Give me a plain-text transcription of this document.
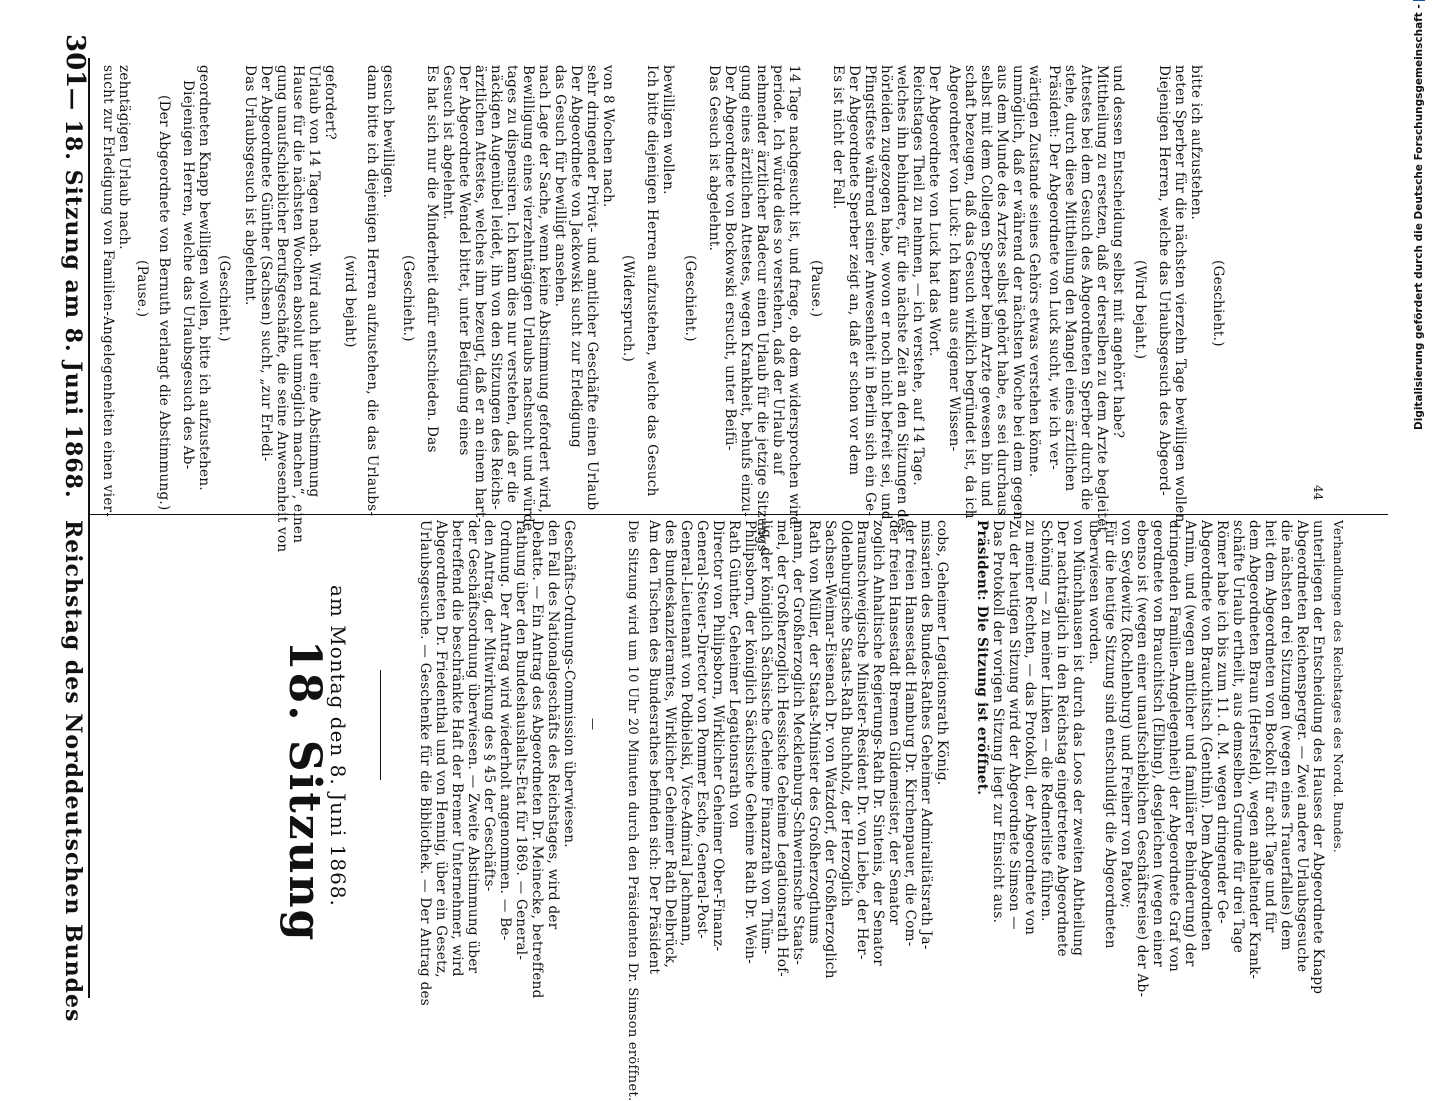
Reichstag des Norddeutschen Bundes
— 18. Sitzung am 8. Juni 1868.
301
18. Sitzung
am Montag den 8. Juni 1868.	Urlaubsgesuche. — Geschenke für die Bibliothek. — Der Antrag des Abgeordneten Dr. Friedenthal und von Hennig, über ein Gesetz, betreffend die beschränkte Haft der Bremer Unternehmer, wird der Geschäftsordnung überwiesen. — Zweite Abstimmung über den Antrag, der Mitwirkung des § 45 der Geschäfts- Ordnung. Der Antrag wird wiederholt angenommen. — Be- rathung über den Bundeshaushalts-Etat für 1869. — General- Debatte. — Ein Antrag des Abgeordneten Dr. Meinecke, betreffend den Fall des Nationalgeschäfts des Reichstages, wird der Geschäfts-Ordnungs-Commission überwiesen. — Die Sitzung wird um 10 Uhr 20 Minuten durch den Präsidenten Dr. Simson eröffnet. Am den Tischen des Bundesrathes befinden sich: Der Präsident des Bundeskanzleramtes, Wirklicher Geheimer Rath Delbrück, General-Lieutenant von Podbielski, Vice-Admiral Jachmann, General-Steuer-Director von Pommer Esche, General-Post- Director von Philipsborn, Wirklicher Geheimer Ober-Finanz- Rath Günther, Geheimer Legationsrath von Philipsborn, der königlich Sächsische Geheime Rath Dr. Wein- lig, der königlich Sächsische Geheime Finanzrath von Thüm- mel, der Großherzoglich Hessische Geheime Legationsrath Hof- mann, der Großherzoglich Mecklenburg-Schwerinsche Staats- Rath von Müller, der Staats-Minister des Großherzogthums Sachsen-Weimar-Eisenach Dr. von Watzdorf, der Großherzoglich Oldenburgische Staats-Rath Buchholz, der Herzoglich Braunschweigische Minister-Resident Dr. von Liebe, der Her- zoglich Anhaltische Regierungs-Rath Dr. Sintenis, der Senator der freien Hansestadt Bremen Gildemeister, der Senator der freien Hansestadt Hamburg Dr. Kirchenpauer, die Com- missarien des Bundes-Rathes Geheimer Admiralitätsrath Ja- cobs, Geheimer Legationsrath König. Präsident: Die Sitzung ist eröffnet. Das Protokoll der vorigen Sitzung liegt zur Einsicht aus. Zu der heutigen Sitzung wird der Abgeordnete Simson — zu meiner Rechten, — das Protokoll, der Abgeordnete von Schöning — zu meiner Linken — die Rednerliste führen. Der nachträglich in den Reichstag eingetretene Abgeordnete von Münchhausen ist durch das Loos der zweiten Abtheilung überwiesen worden. Für die heutige Sitzung sind entschuldigt die Abgeordneten von Seydewitz (Rochlenburg) und Freiherr von Patow; ebenso ist (wegen einer unaufschieblichen Geschäftsreise) der Ab- geordnete von Brauchitsch (Elbing), desgleichen (wegen einer dringenden Familien-Angelegenheit) der Abgeordnete Graf von Arnim, und (wegen amtlicher und familiärer Behinderung) der Abgeordnete von Brauchitsch (Genthin). Dem Abgeordneten Römer habe ich bis zum 11. d. M. wegen dringender Ge- schäfte Urlaub ertheilt, aus demselben Grunde für drei Tage dem Abgeordneten Braun (Hersfeld), wegen anhaltender Krank- heit dem Abgeordneten von Bockolt für acht Tage und für die nächsten drei Sitzungen (wegen eines Trauerfalles) dem Abgeordneten Reichensperger. — Zwei andere Urlaubsgesuche unterliegen der Entscheidung des Hauses der Abgeordnete Knapp Verhandlungen des Reichstages des Nordd. Bundes.
sucht zur Erledigung von Familien-Angelegenheiten einen vier- zehntägigen Urlaub nach.
(Pause.) (Der Abgeordnete von Bernuth verlangt die Abstimmung.) Diejenigen Herren, welche das Urlaubsgesuch des Ab- geordneten Knapp bewilligen wollen, bitte ich aufzustehen. (Geschieht.) Das Urlaubsgesuch ist abgelehnt. Der Abgeordnete Günther (Sachsen) sucht, „zur Erledi- gung unaufschieblicher Berufsgeschäfte, die seine Anwesenheit von Hause für die nächsten Wochen absolut unmöglich machen“, einen Urlaub von 14 Tagen nach. Wird auch hier eine Abstimmung gefordert?
(wird bejaht) dann bitte ich diejenigen Herren aufzustehen, die das Urlaubs- gesuch bewilligen.
(Geschieht.) Es hat sich nur die Minderheit dafür entschieden. Das Gesuch ist abgelehnt. Der Abgeordnete Wendel bittet, unter Beifügung eines ärztlichen Attestes, welches ihm bezeugt, daß er an einem hart- näckigen Augenübel leidet, ihn von den Sitzungen des Reichs- tages zu dispensiren. Ich kann dies nur verstehen, daß er die Bewilligung eines vierzehntägigen Urlaubs nachsucht und würde nach Lage der Sache, wenn keine Abstimmung gefordert wird, das Gesuch für bewilligt ansehen. Der Abgeordnete von Jackowski sucht zur Erledigung sehr dringender Privat- und amtlicher Geschäfte einen Urlaub von 8 Wochen nach.
(Widerspruch.) Ich bitte diejenigen Herren aufzustehen, welche das Gesuch bewilligen wollen.
(Geschieht.)
Das Gesuch ist abgelehnt. Der Abgeordnete von Bockowski ersucht, unter Beifü- gung eines ärztlichen Attestes, wegen Krankheit, behufs einzu- nehmender ärztlicher Badecur einen Urlaub für die jetzige Sitzungs- periode. Ich würde dies so verstehen, daß der Urlaub auf 14 Tage nachgesucht ist, und frage, ob dem widersprochen wird. (Pause.)
Es ist nicht der Fall. Der Abgeordnete Sperber zeigt an, daß er schon vor dem Pfingstfeste während seiner Anwesenheit in Berlin sich ein Ge- hörleiden zugezogen habe, wovon er noch nicht befreit sei, und welches ihn behindere, für die nächste Zeit an den Sitzungen des Reichstages Theil zu nehmen, — ich verstehe, auf 14 Tage. Der Abgeordnete von Luck hat das Wort. Abgeordneter von Luck: Ich kann aus eigener Wissen- schaft bezeugen, daß das Gesuch wirklich begründet ist, da ich selbst mit dem Collegen Sperber beim Arzte gewesen bin und aus dem Munde des Arztes selbst gehört habe, es sei durchaus unmöglich, daß er während der nächsten Woche bei dem gegen- wärtigen Zustande seines Gehörs etwas verstehen könne. Präsident: Der Abgeordnete von Luck sucht, wie ich ver- stehe, durch diese Mittheilung den Mangel eines ärztlichen Attestes bei dem Gesuch des Abgeordneten Sperber durch die Mittheilung zu ersetzen, daß er derselben zu dem Arzte begleitet und dessen Entscheidung selbst mit angehört habe? (Wird bejaht.) Diejenigen Herren, welche das Urlaubsgesuch des Abgeord- neten Sperber für die nächsten vierzehn Tage bewilligen wollen, bitte ich aufzustehen.
(Geschieht.)
44
Digitalisierung gefördert durch die Deutsche Forschungsgemeinschaft -
